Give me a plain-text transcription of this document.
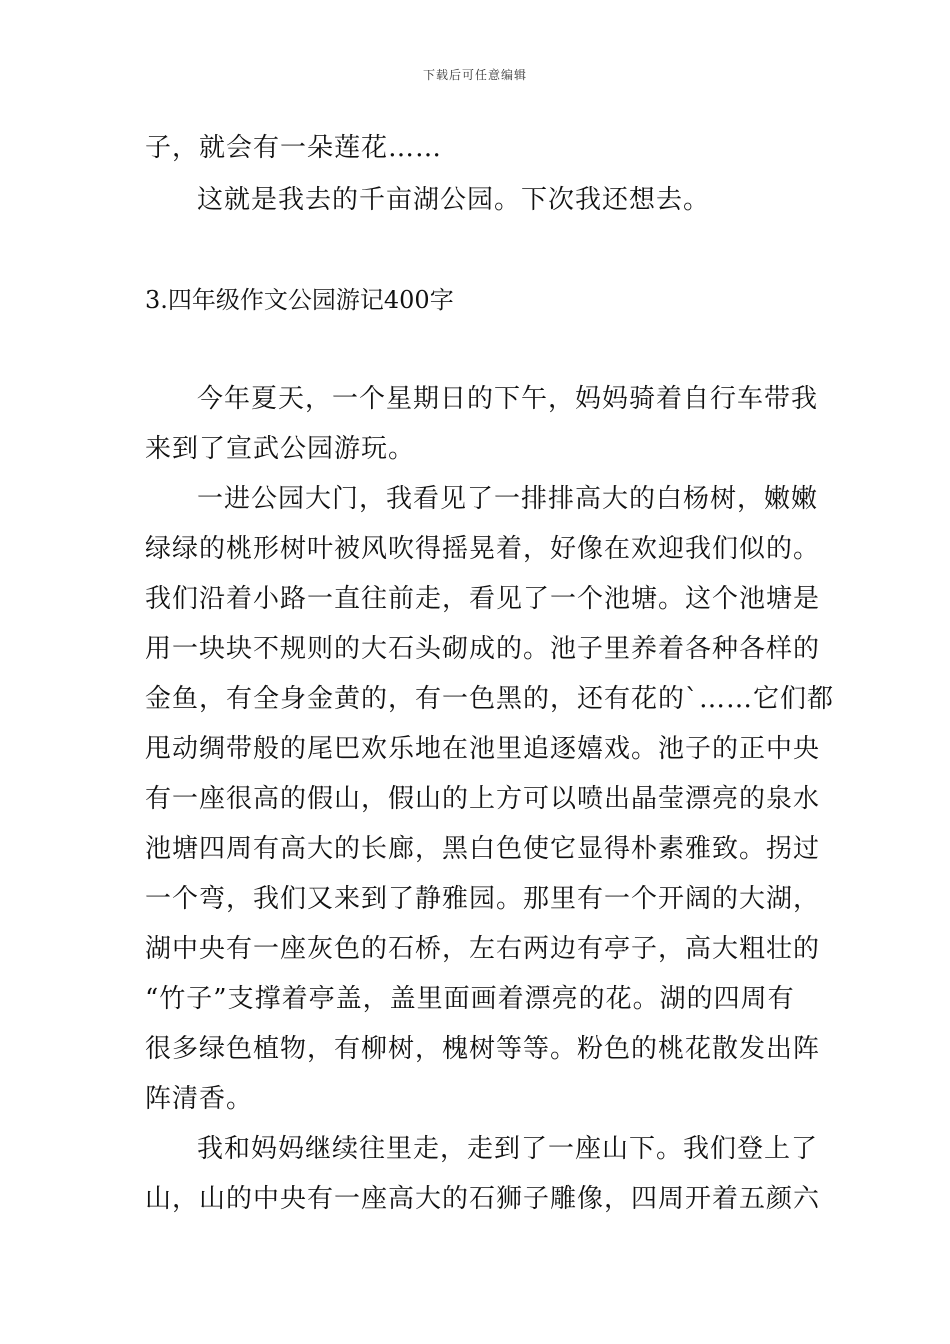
下载后可任意编辑
子，就会有一朵莲花……
这就是我去的千亩湖公园。下次我还想去。
3.四年级作文公园游记400字
今年夏天，一个星期日的下午，妈妈骑着自行车带我
来到了宣武公园游玩。
一进公园大门，我看见了一排排高大的白杨树，嫩嫩
绿绿的桃形树叶被风吹得摇晃着，好像在欢迎我们似的。
我们沿着小路一直往前走，看见了一个池塘。这个池塘是
用一块块不规则的大石头砌成的。池子里养着各种各样的
金鱼，有全身金黄的，有一色黑的，还有花的`……它们都
甩动绸带般的尾巴欢乐地在池里追逐嬉戏。池子的正中央
有一座很高的假山，假山的上方可以喷出晶莹漂亮的泉水
池塘四周有高大的长廊，黑白色使它显得朴素雅致。拐过
一个弯，我们又来到了静雅园。那里有一个开阔的大湖，
湖中央有一座灰色的石桥，左右两边有亭子，高大粗壮的
“竹子”支撑着亭盖，盖里面画着漂亮的花。湖的四周有
很多绿色植物，有柳树，槐树等等。粉色的桃花散发出阵
阵清香。
我和妈妈继续往里走，走到了一座山下。我们登上了
山，山的中央有一座高大的石狮子雕像，四周开着五颜六
